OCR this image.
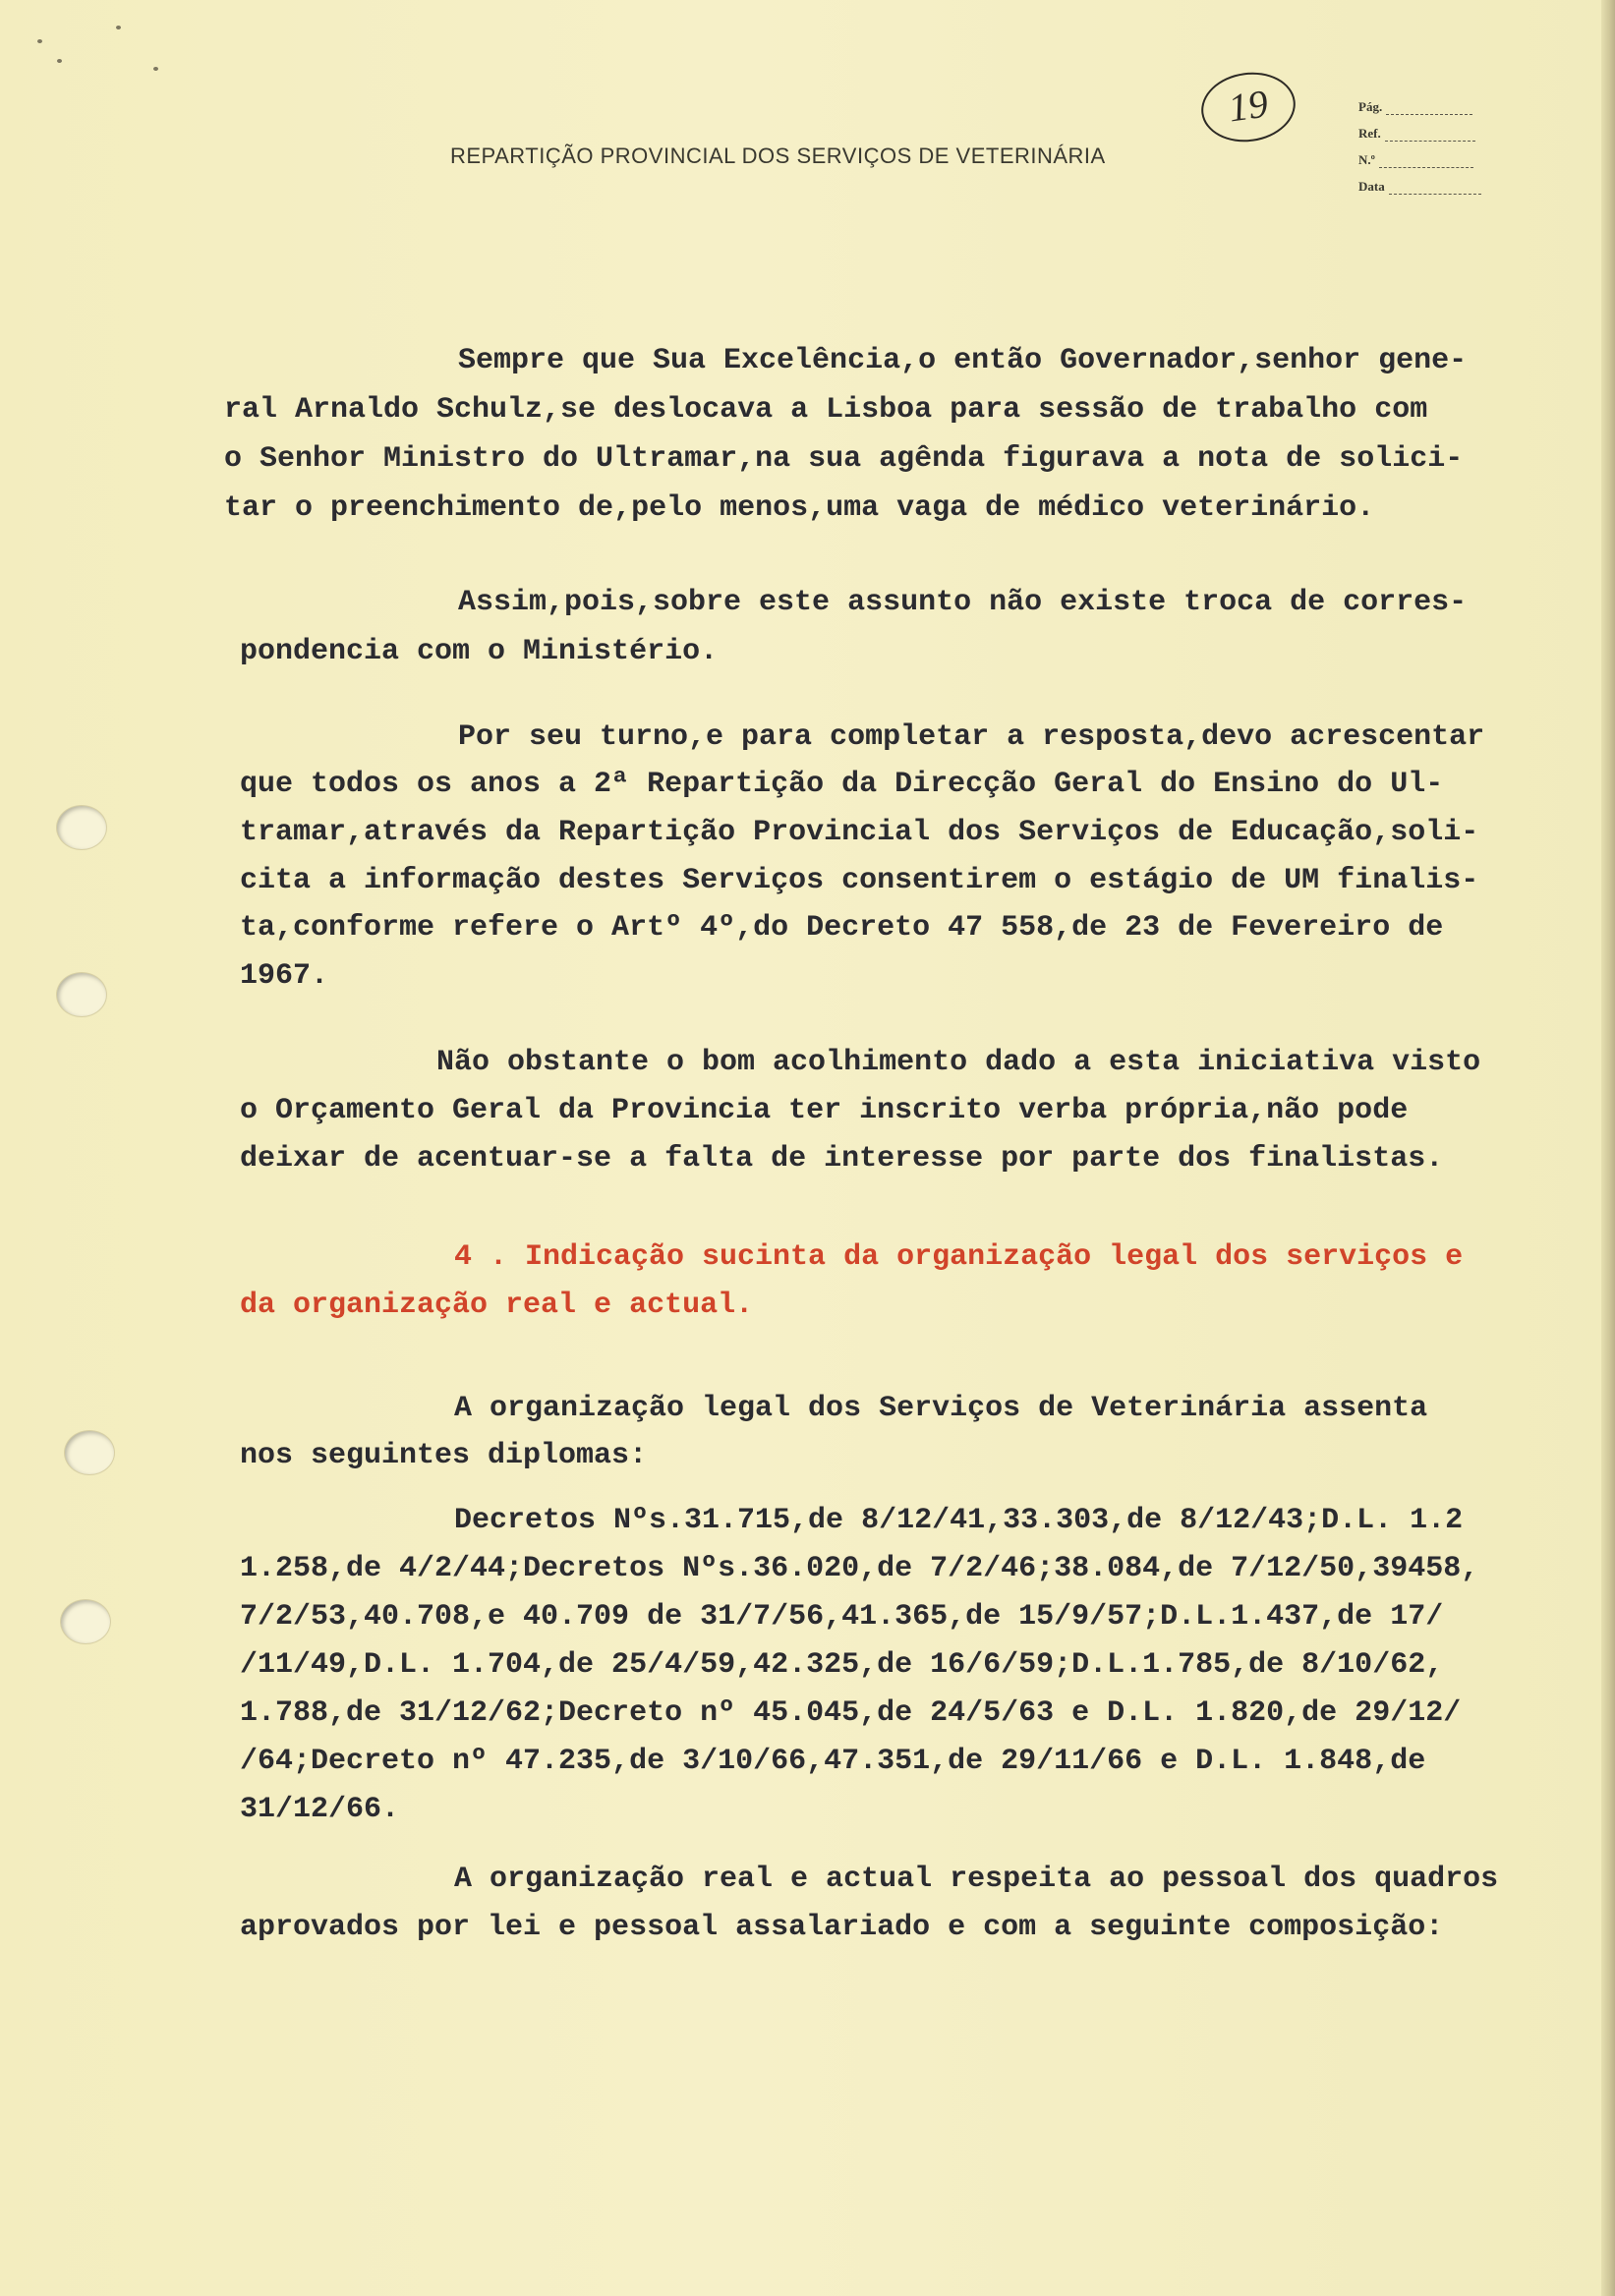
REPARTIÇÃO PROVINCIAL DOS SERVIÇOS DE VETERINÁRIA
19	Pág.
Ref.
N.º
Data
Sempre que Sua Excelência,o então Governador,senhor gene-
ral Arnaldo Schulz,se deslocava a Lisboa para sessão de trabalho com
o Senhor Ministro do Ultramar,na sua agênda figurava a nota de solici-
tar o preenchimento de,pelo menos,uma vaga de médico veterinário.
Assim,pois,sobre este assunto não existe troca de corres-
pondencia com o Ministério.
Por seu turno,e para completar a resposta,devo acrescentar
que todos os anos a 2ª Repartição da Direcção Geral do Ensino do Ul-
tramar,através da Repartição Provincial dos Serviços de Educação,soli-
cita a informação destes Serviços consentirem o estágio de UM finalis-
ta,conforme refere o Artº 4º,do Decreto 47 558,de 23 de Fevereiro de
1967.
Não obstante o bom acolhimento dado a esta iniciativa visto
o Orçamento Geral da Provincia ter inscrito verba própria,não pode
deixar de acentuar-se a falta de interesse por parte dos finalistas.
4 . Indicação sucinta da organização legal dos serviços e
da organização real e actual.
A organização legal dos Serviços de Veterinária assenta
nos seguintes diplomas:
Decretos Nºs.31.715,de 8/12/41,33.303,de 8/12/43;D.L. 1.2
1.258,de 4/2/44;Decretos Nºs.36.020,de 7/2/46;38.084,de 7/12/50,39458,
7/2/53,40.708,e 40.709 de 31/7/56,41.365,de 15/9/57;D.L.1.437,de 17/
/11/49,D.L. 1.704,de 25/4/59,42.325,de 16/6/59;D.L.1.785,de 8/10/62,
1.788,de 31/12/62;Decreto nº 45.045,de 24/5/63 e D.L. 1.820,de 29/12/
/64;Decreto nº 47.235,de 3/10/66,47.351,de 29/11/66 e D.L. 1.848,de
31/12/66.
A organização real e actual respeita ao pessoal dos quadros
aprovados por lei e pessoal assalariado e com a seguinte composição:
